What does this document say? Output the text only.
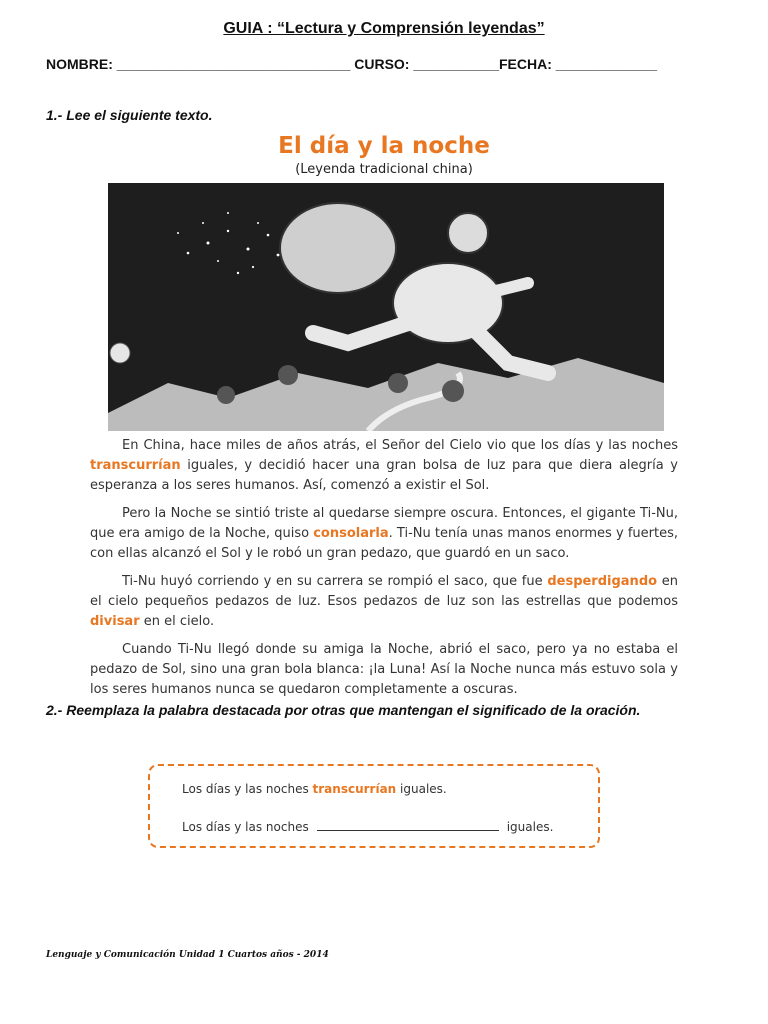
GUIA : “Lectura y Comprensión leyendas”
NOMBRE: ______________________________ CURSO: ___________FECHA: _____________
1.- Lee el siguiente texto.
El día y la noche
(Leyenda tradicional china)

En China, hace miles de años atrás, el Señor del Cielo vio que los días y las noches transcurrían iguales, y decidió hacer una gran bolsa de luz para que diera alegría y esperanza a los seres humanos. Así, comenzó a existir el Sol.

Pero la Noche se sintió triste al quedarse siempre oscura. Entonces, el gigante Ti-Nu, que era amigo de la Noche, quiso consolarla. Ti-Nu tenía unas manos enormes y fuertes, con ellas alcanzó el Sol y le robó un gran pedazo, que guardó en un saco.

Ti-Nu huyó corriendo y en su carrera se rompió el saco, que fue desperdigando en el cielo pequeños pedazos de luz. Esos pedazos de luz son las estrellas que podemos divisar en el cielo.

Cuando Ti-Nu llegó donde su amiga la Noche, abrió el saco, pero ya no estaba el pedazo de Sol, sino una gran bola blanca: ¡la Luna! Así la Noche nunca más estuvo sola y los seres humanos nunca se quedaron completamente a oscuras.

2.- Reemplaza la palabra destacada por otras que mantengan el significado de la oración.
Los días y las noches transcurrían iguales.
Los días y las noches	iguales.
Lenguaje y Comunicación Unidad 1 Cuartos años - 2014
